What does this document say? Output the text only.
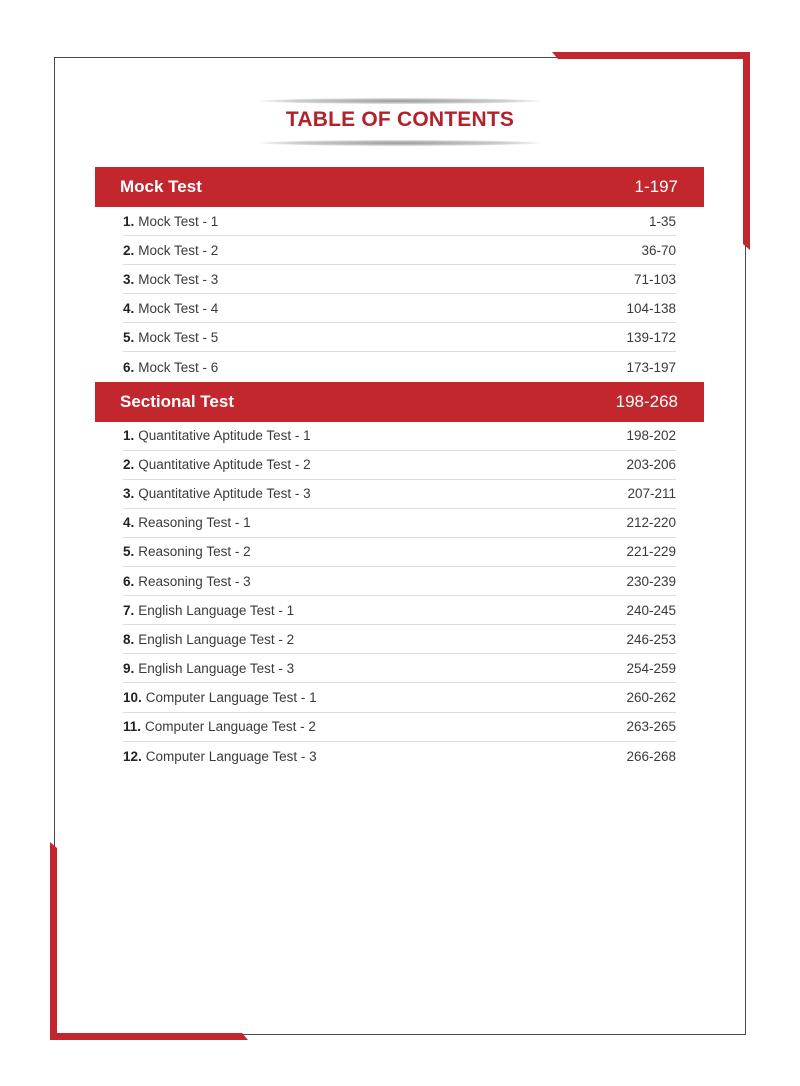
TABLE OF CONTENTS
Mock Test	1-197
1. Mock Test - 1	1-35
2. Mock Test - 2	36-70
3. Mock Test - 3	71-103
4. Mock Test - 4	104-138
5. Mock Test - 5	139-172
6. Mock Test - 6	173-197
Sectional Test	198-268
1. Quantitative Aptitude Test - 1	198-202
2. Quantitative Aptitude Test - 2	203-206
3. Quantitative Aptitude Test - 3	207-211
4. Reasoning Test - 1	212-220
5. Reasoning Test - 2	221-229
6. Reasoning Test - 3	230-239
7. English Language Test - 1	240-245
8. English Language Test - 2	246-253
9. English Language Test - 3	254-259
10. Computer Language Test - 1	260-262
11. Computer Language Test - 2	263-265
12. Computer Language Test - 3	266-268
